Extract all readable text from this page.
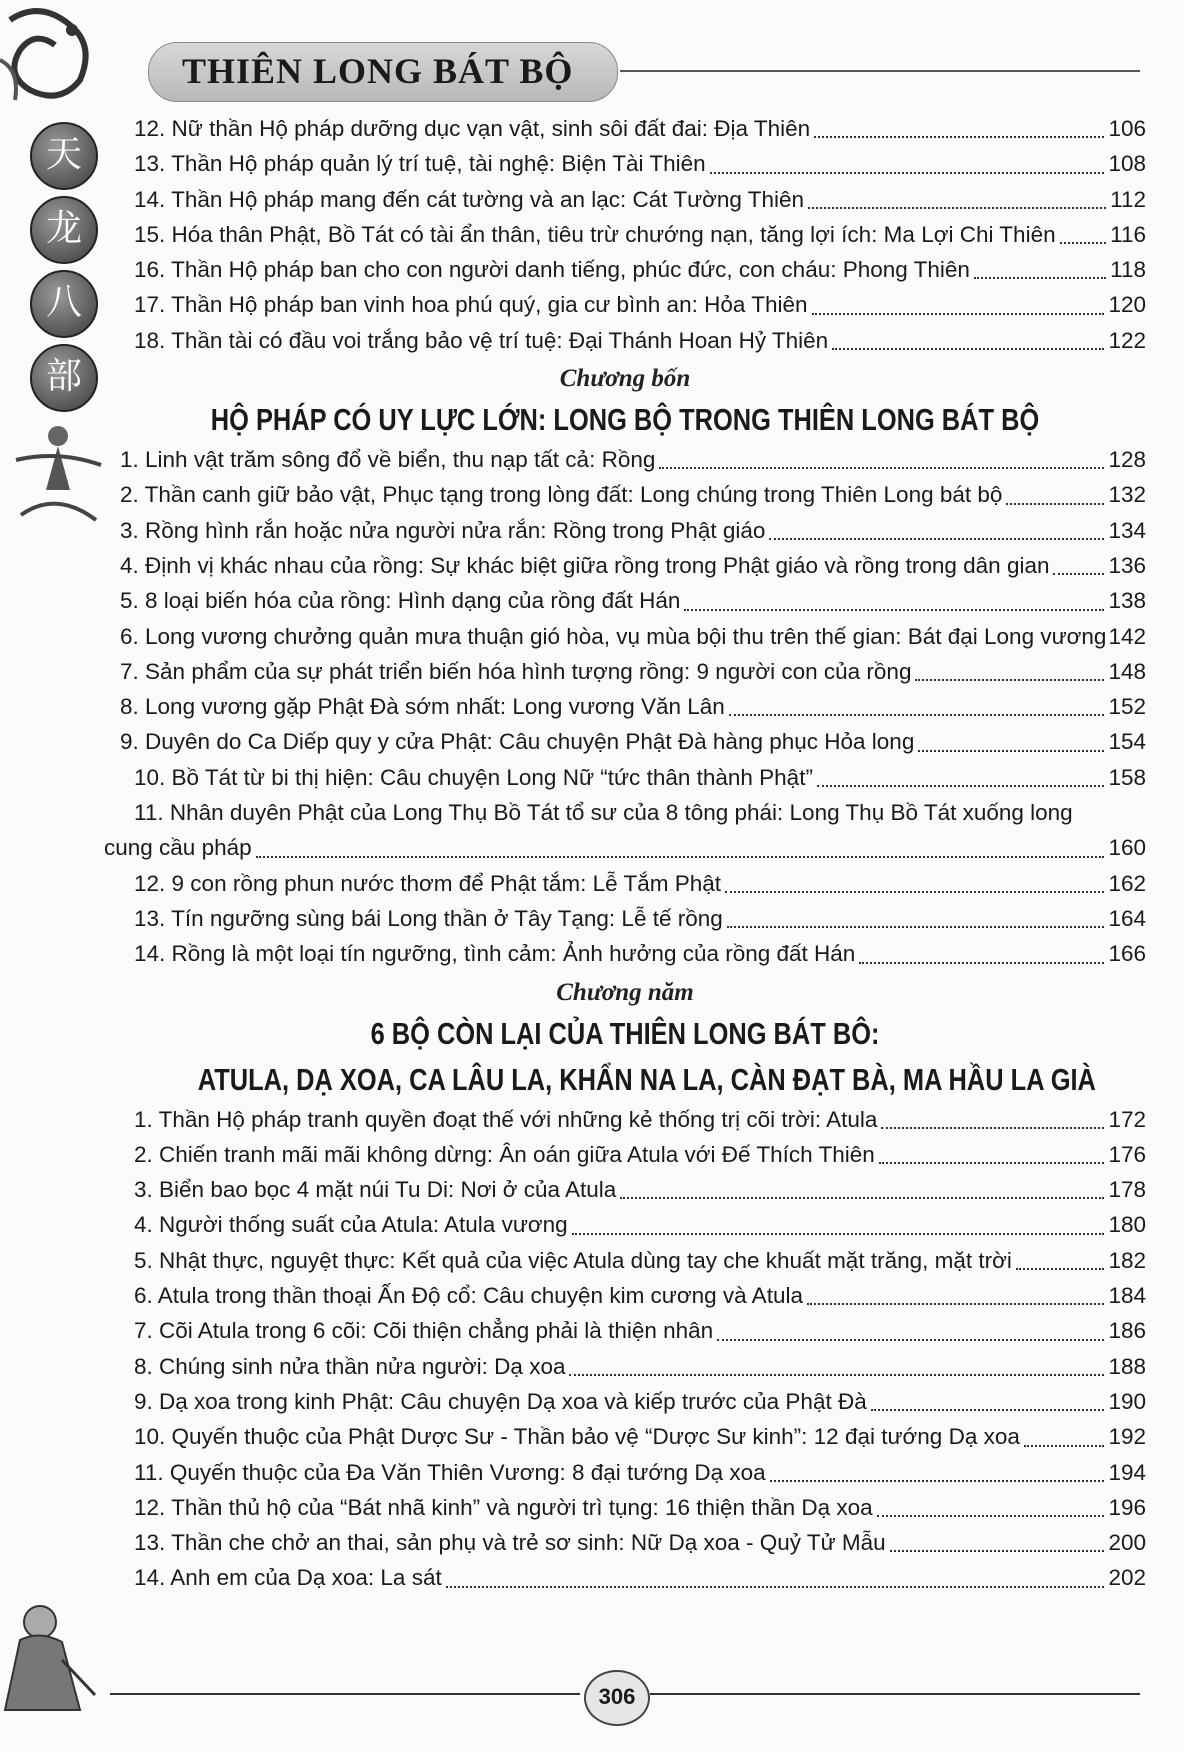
天
龙
八
部
THIÊN LONG BÁT BỘ
12. Nữ thần Hộ pháp dưỡng dục vạn vật, sinh sôi đất đai: Địa Thiên	106
13. Thần Hộ pháp quản lý trí tuệ, tài nghệ: Biện Tài Thiên	108
14. Thần Hộ pháp mang đến cát tường và an lạc: Cát Tường Thiên	112
15. Hóa thân Phật, Bồ Tát có tài ẩn thân, tiêu trừ chướng nạn, tăng lợi ích: Ma Lợi Chi Thiên 116
16. Thần Hộ pháp ban cho con người danh tiếng, phúc đức, con cháu: Phong Thiên	118
17. Thần Hộ pháp ban vinh hoa phú quý, gia cư bình an: Hỏa Thiên	120
18. Thần tài có đầu voi trắng bảo vệ trí tuệ: Đại Thánh Hoan Hỷ Thiên	122
Chương bốn
HỘ PHÁP CÓ UY LỰC LỚN: LONG BỘ TRONG THIÊN LONG BÁT BỘ
1. Linh vật trăm sông đổ về biển, thu nạp tất cả: Rồng	128
2. Thần canh giữ bảo vật, Phục tạng trong lòng đất: Long chúng trong Thiên Long bát bộ	132
3. Rồng hình rắn hoặc nửa người nửa rắn: Rồng trong Phật giáo	134
4. Định vị khác nhau của rồng: Sự khác biệt giữa rồng trong Phật giáo và rồng trong dân gian	136
5. 8 loại biến hóa của rồng: Hình dạng của rồng đất Hán	138
6. Long vương chưởng quản mưa thuận gió hòa, vụ mùa bội thu trên thế gian: Bát đại Long vương 142
7. Sản phẩm của sự phát triển biến hóa hình tượng rồng: 9 người con của rồng	148
8. Long vương gặp Phật Đà sớm nhất: Long vương Văn Lân	152
9. Duyên do Ca Diếp quy y cửa Phật: Câu chuyện Phật Đà hàng phục Hỏa long	154
10. Bồ Tát từ bi thị hiện: Câu chuyện Long Nữ “tức thân thành Phật”	158
11. Nhân duyên Phật của Long Thụ Bồ Tát tổ sư của 8 tông phái: Long Thụ Bồ Tát xuống long
cung cầu pháp	160
12. 9 con rồng phun nước thơm để Phật tắm: Lễ Tắm Phật	162
13. Tín ngưỡng sùng bái Long thần ở Tây Tạng: Lễ tế rồng	164
14. Rồng là một loại tín ngưỡng, tình cảm: Ảnh hưởng của rồng đất Hán	166
Chương năm
6 BỘ CÒN LẠI CỦA THIÊN LONG BÁT BÔ:
ATULA, DẠ XOA, CA LÂU LA, KHẨN NA LA, CÀN ĐẠT BÀ, MA HẦU LA GIÀ
1. Thần Hộ pháp tranh quyền đoạt thế với những kẻ thống trị cõi trời: Atula	172
2. Chiến tranh mãi mãi không dừng: Ân oán giữa Atula với Đế Thích Thiên	176
3. Biển bao bọc 4 mặt núi Tu Di: Nơi ở của Atula	178
4. Người thống suất của Atula: Atula vương	180
5. Nhật thực, nguyệt thực: Kết quả của việc Atula dùng tay che khuất mặt trăng, mặt trời	182
6. Atula trong thần thoại Ấn Độ cổ: Câu chuyện kim cương và Atula	184
7. Cõi Atula trong 6 cõi: Cõi thiện chẳng phải là thiện nhân	186
8. Chúng sinh nửa thần nửa người: Dạ xoa	188
9. Dạ xoa trong kinh Phật: Câu chuyện Dạ xoa và kiếp trước của Phật Đà	190
10. Quyến thuộc của Phật Dược Sư - Thần bảo vệ “Dược Sư kinh”: 12 đại tướng Dạ xoa	192
11. Quyến thuộc của Đa Văn Thiên Vương: 8 đại tướng Dạ xoa	194
12. Thần thủ hộ của “Bát nhã kinh” và người trì tụng: 16 thiện thần Dạ xoa	196
13. Thần che chở an thai, sản phụ và trẻ sơ sinh: Nữ Dạ xoa - Quỷ Tử Mẫu	200
14. Anh em của Dạ xoa: La sát	202
306
